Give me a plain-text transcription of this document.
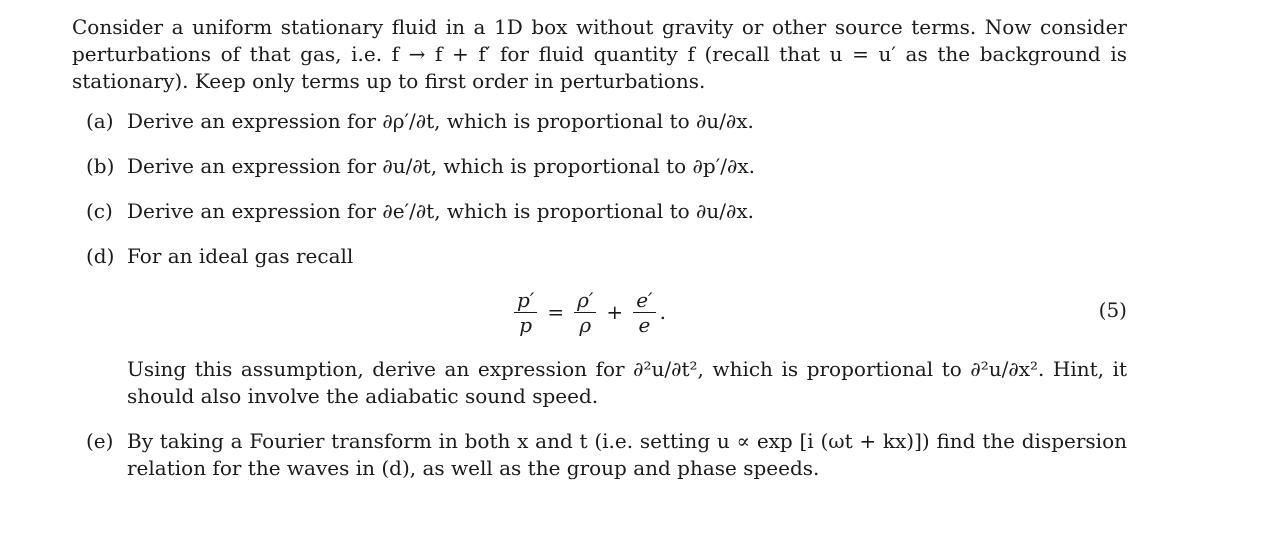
Consider a uniform stationary fluid in a 1D box without gravity or other source terms. Now consider perturbations of that gas, i.e. f → f + f′ for fluid quantity f (recall that u = u′ as the background is stationary). Keep only terms up to first order in perturbations.

(a) Derive an expression for ∂ρ′/∂t, which is proportional to ∂u/∂x.
(b) Derive an expression for ∂u/∂t, which is proportional to ∂p′/∂x.
(c) Derive an expression for ∂e′/∂t, which is proportional to ∂u/∂x.
(d) For an ideal gas recall
$\frac{p'}{p} = \frac{\rho'}{\rho} + \frac{e'}{e}$ .	(5)
Using this assumption, derive an expression for ∂²u/∂t², which is proportional to ∂²u/∂x². Hint, it should also involve the adiabatic sound speed.
(e) By taking a Fourier transform in both x and t (i.e. setting u ∝ exp [i (ωt + kx)]) find the dispersion relation for the waves in (d), as well as the group and phase speeds.
